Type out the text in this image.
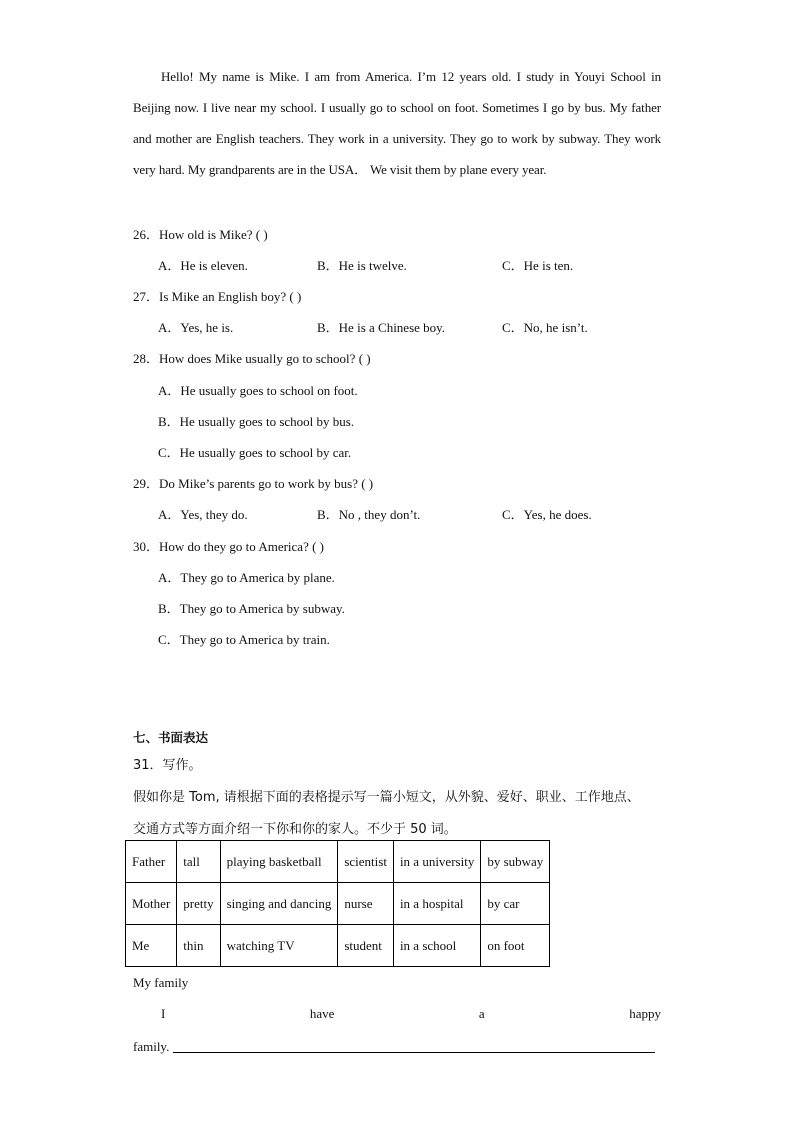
Hello! My name is Mike. I am from America. I’m 12 years old. I study in Youyi School in Beijing now. I live near my school. I usually go to school on foot. Sometimes I go by bus. My father and mother are English teachers. They work in a university. They go to work by subway. They work very hard. My grandparents are in the USA． We visit them by plane every year.
26．How old is Mike? ( )
A．He is eleven.	B．He is twelve.	C．He is ten.
27．Is Mike an English boy? ( )
A．Yes, he is.	B．He is a Chinese boy.	C．No, he isn’t.
28．How does Mike usually go to school? ( )
A．He usually goes to school on foot.
B．He usually goes to school by bus.
C．He usually goes to school by car.
29．Do Mike’s parents go to work by bus? ( )
A．Yes, they do.	B．No , they don’t.	C．Yes, he does.
30．How do they go to America? ( )
A．They go to America by plane.
B．They go to America by subway.
C．They go to America by train.
七、书面表达
31．写作。
假如你是 Tom, 请根据下面的表格提示写一篇小短文，从外貌、爱好、职业、工作地点、
交通方式等方面介绍一下你和你的家人。不少于 50 词。
Father	tall	playing basketball	scientist	in a university	by subway
Mother	pretty	singing and dancing	nurse	in a hospital	by car
Me	thin	watching TV	student	in a school	on foot
My family
I	have	a	happy
family.
